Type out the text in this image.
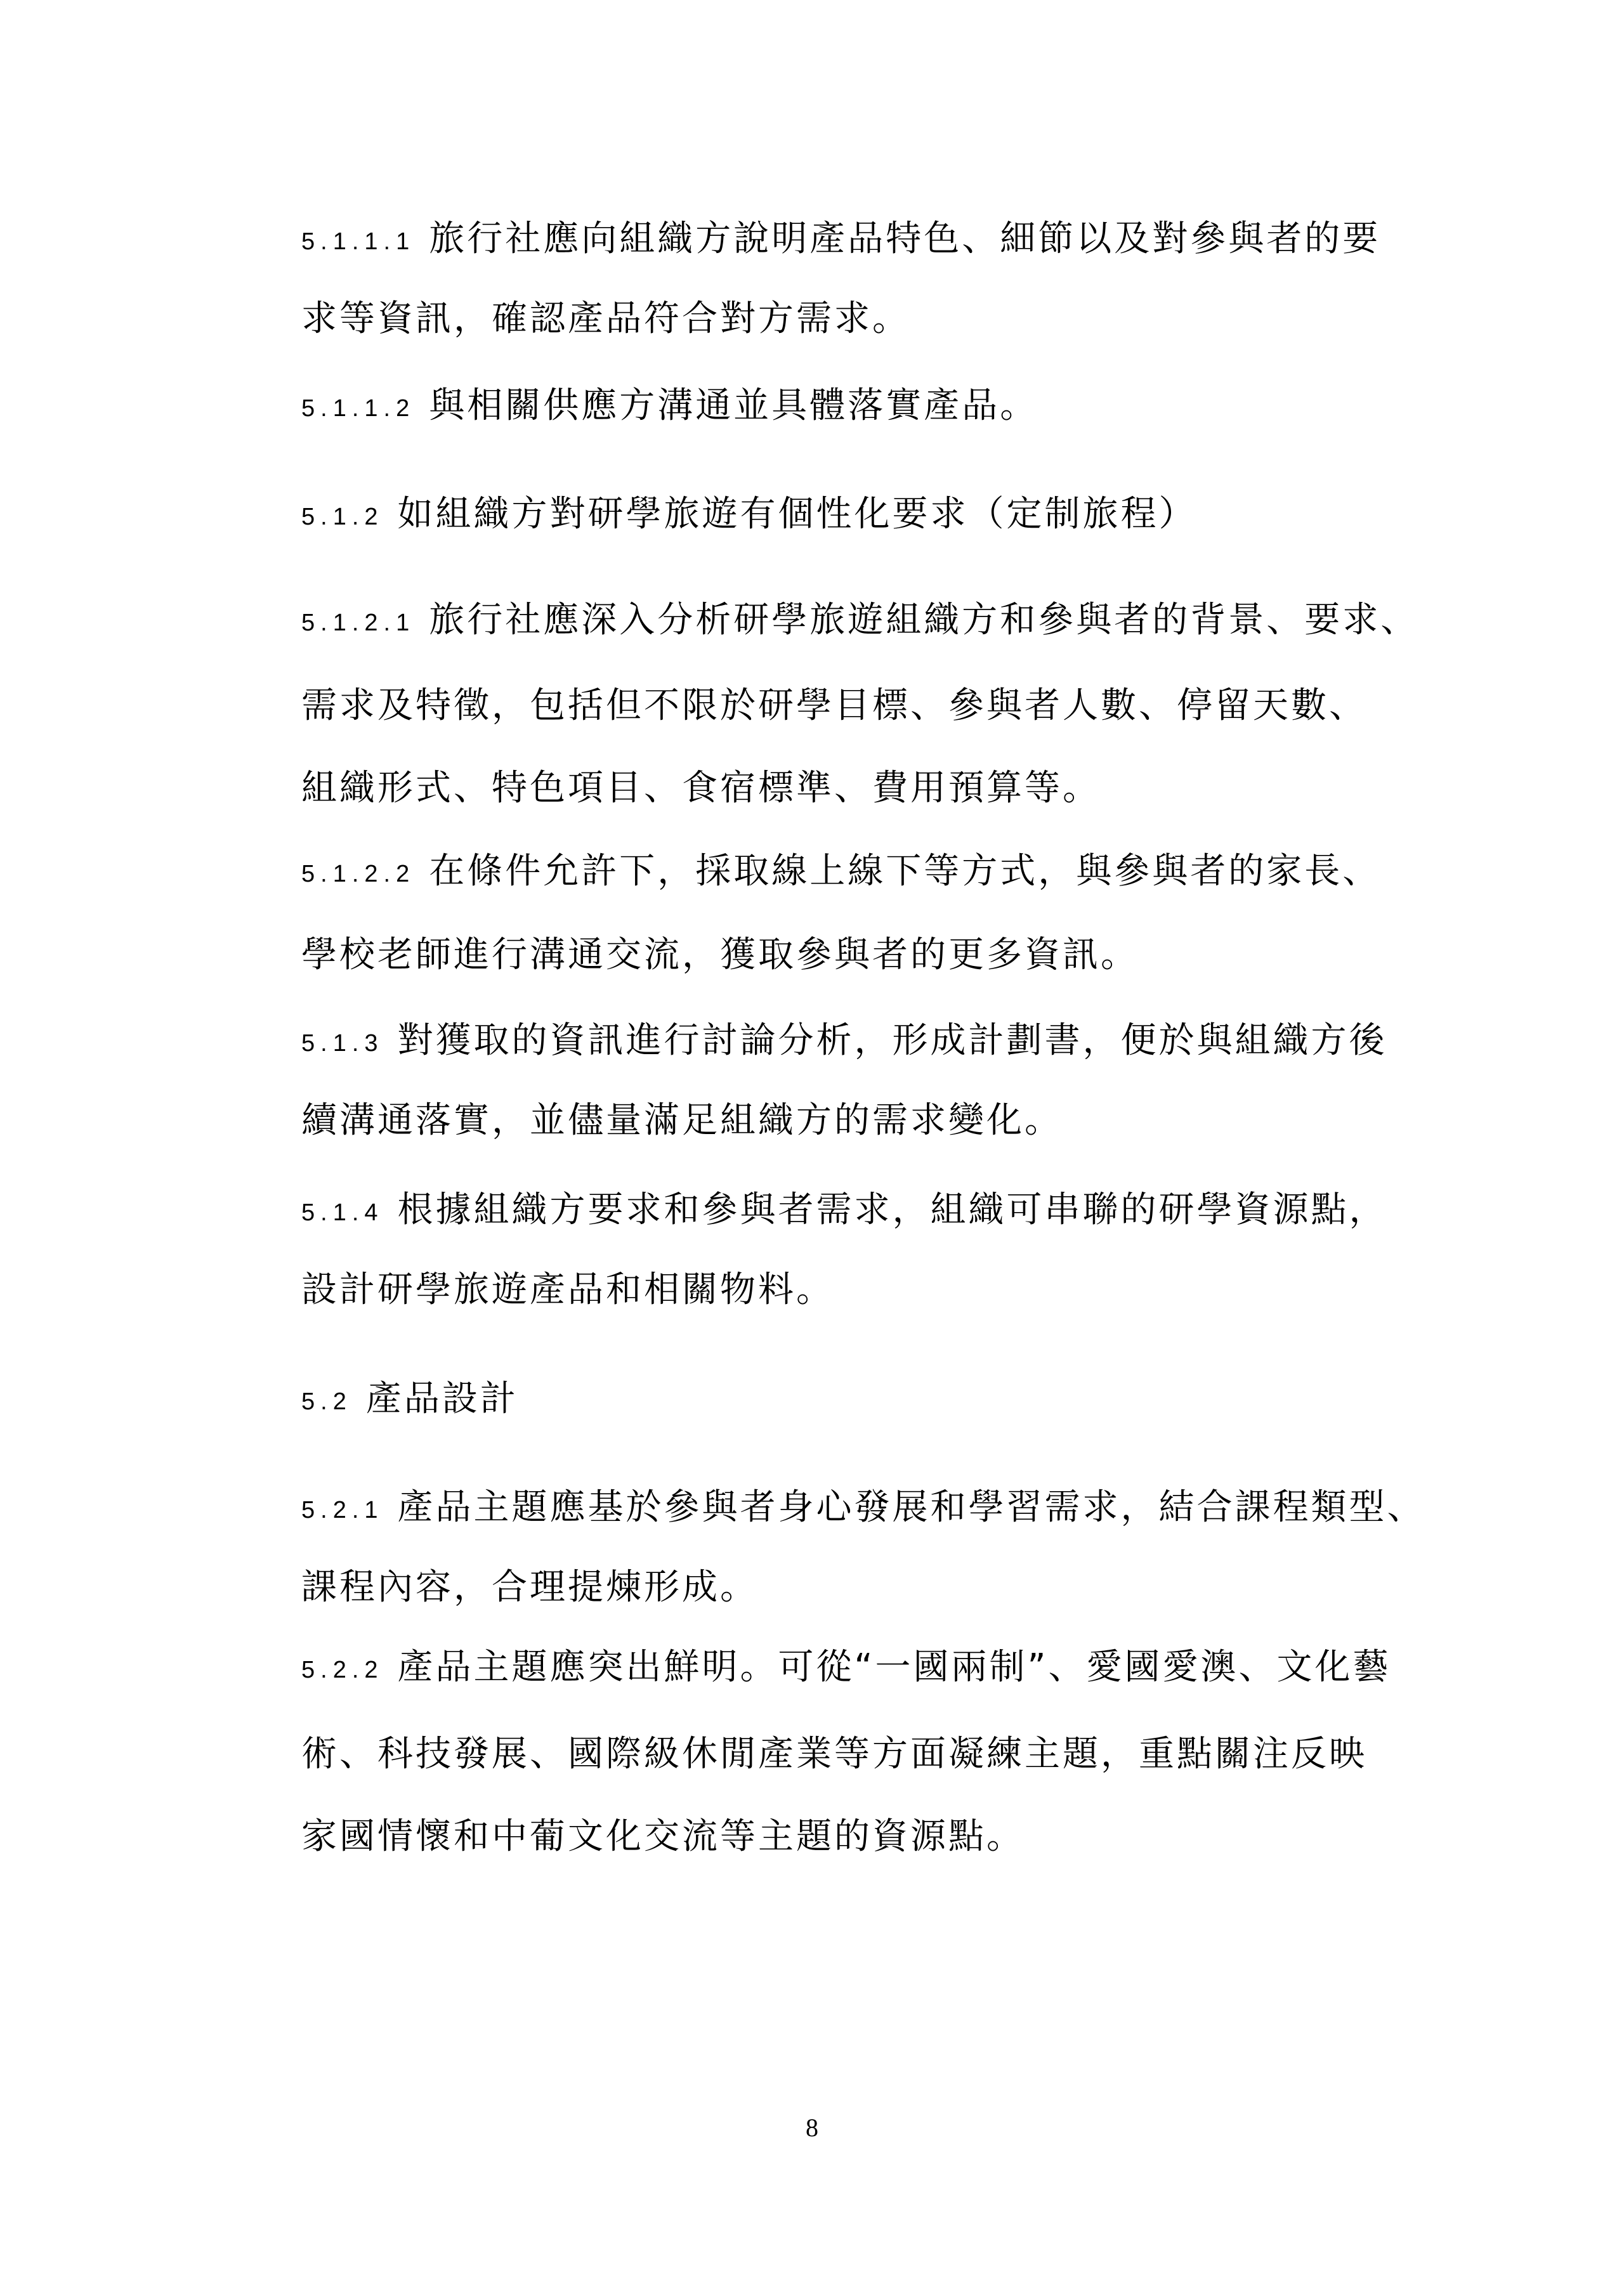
5.1.1.1 旅行社應向組織方說明產品特色、細節以及對參與者的要
求等資訊，確認產品符合對方需求。
5.1.1.2 與相關供應方溝通並具體落實產品。
5.1.2 如組織方對研學旅遊有個性化要求（定制旅程）
5.1.2.1 旅行社應深入分析研學旅遊組織方和參與者的背景、要求、
需求及特徵，包括但不限於研學目標、參與者人數、停留天數、
組織形式、特色項目、食宿標準、費用預算等。
5.1.2.2 在條件允許下，採取線上線下等方式，與參與者的家長、
學校老師進行溝通交流，獲取參與者的更多資訊。
5.1.3 對獲取的資訊進行討論分析，形成計劃書，便於與組織方後
續溝通落實，並儘量滿足組織方的需求變化。
5.1.4 根據組織方要求和參與者需求，組織可串聯的研學資源點，
設計研學旅遊產品和相關物料。
5.2 產品設計
5.2.1 產品主題應基於參與者身心發展和學習需求，結合課程類型、
課程內容，合理提煉形成。
5.2.2 產品主題應突出鮮明。可從“一國兩制”、愛國愛澳、文化藝
術、科技發展、國際級休閒產業等方面凝練主題，重點關注反映
家國情懷和中葡文化交流等主題的資源點。
8
